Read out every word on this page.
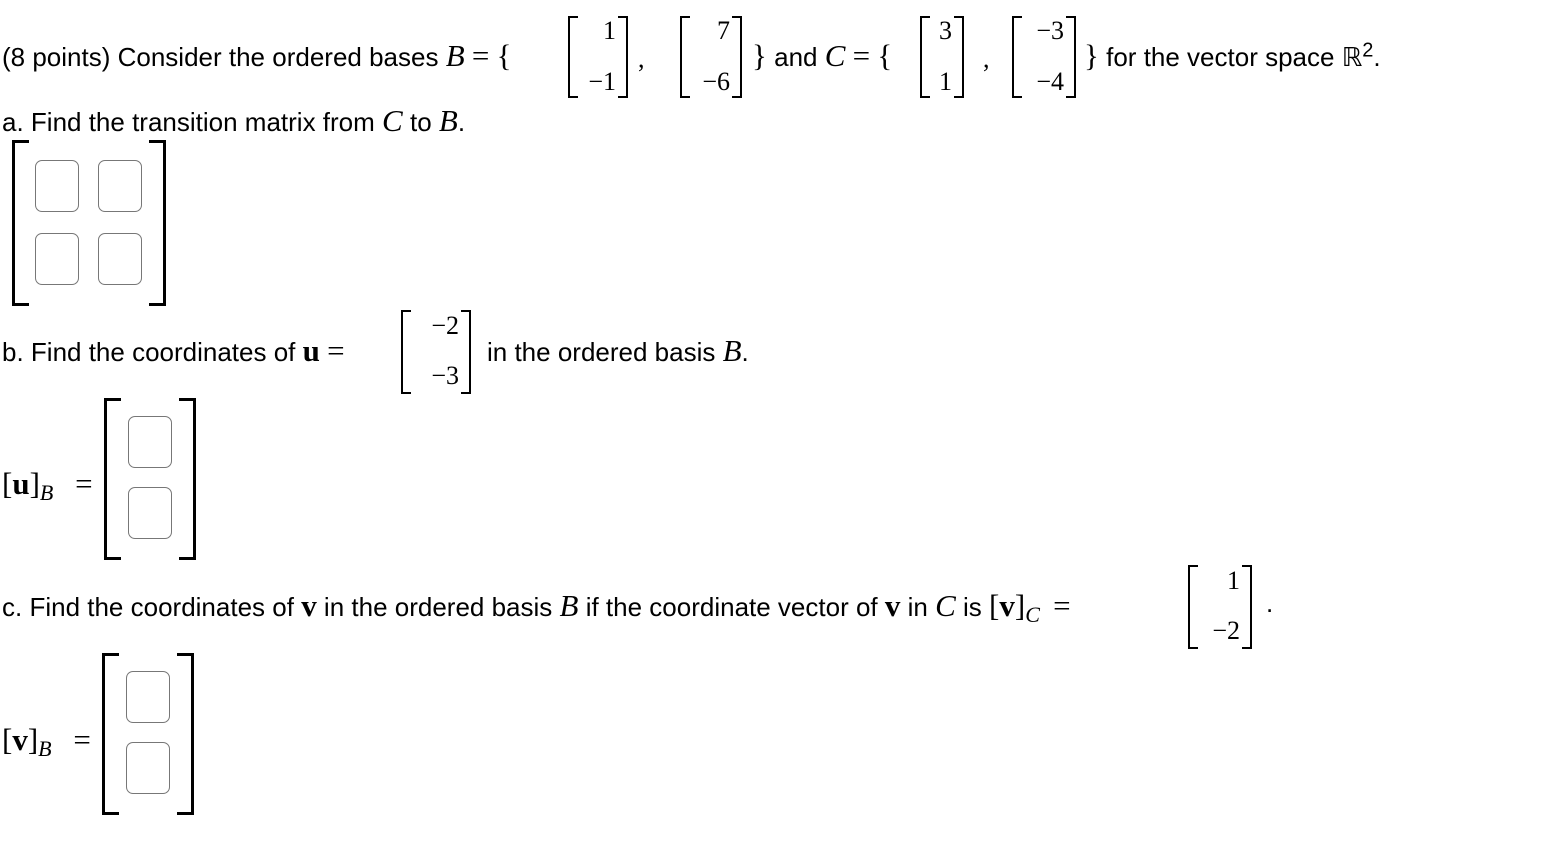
(8 points) Consider the ordered bases B = {
1
−1
,
7
−6
} and C = {
3
1
,
−3
−4
} for the vector space ℝ$^2$.
a. Find the transition matrix from C to B.
b. Find the coordinates of u =
−2
−3
in the ordered basis B.
[u]B =
c. Find the coordinates of v in the ordered basis B if the coordinate vector of v in C is [v]C =
1
−2
.
[v]B =
